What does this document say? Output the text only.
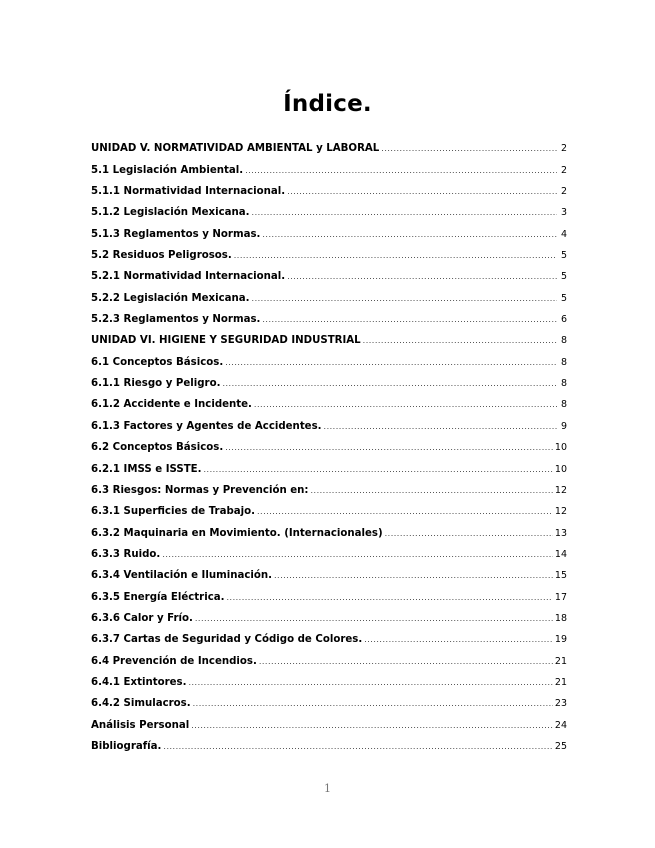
Índice.
UNIDAD V. NORMATIVIDAD AMBIENTAL y LABORAL .....	2
5.1 Legislación Ambiental. .....	2
5.1.1 Normatividad Internacional. .....	2
5.1.2 Legislación Mexicana. .....	3
5.1.3 Reglamentos y Normas. .....	4
5.2 Residuos Peligrosos. .....	5
5.2.1 Normatividad Internacional. .....	5
5.2.2 Legislación Mexicana. .....	5
5.2.3 Reglamentos y Normas. .....	6
UNIDAD VI. HIGIENE Y SEGURIDAD INDUSTRIAL .....	8
6.1 Conceptos Básicos. .....	8
6.1.1 Riesgo y Peligro. .....	8
6.1.2 Accidente e Incidente. .....	8
6.1.3 Factores y Agentes de Accidentes. .....	9
6.2 Conceptos Básicos. .....	10
6.2.1 IMSS e ISSTE. .....	10
6.3 Riesgos: Normas y Prevención en: .....	12
6.3.1 Superficies de Trabajo. .....	12
6.3.2 Maquinaria en Movimiento. (Internacionales) .....	13
6.3.3 Ruido. .....	14
6.3.4 Ventilación e Iluminación. .....	15
6.3.5 Energía Eléctrica. .....	17
6.3.6 Calor y Frío. .....	18
6.3.7 Cartas de Seguridad y Código de Colores. .....	19
6.4 Prevención de Incendios. .....	21
6.4.1 Extintores. .....	21
6.4.2 Simulacros. .....	23
Análisis Personal .....	24
Bibliografía. .....	25
1
